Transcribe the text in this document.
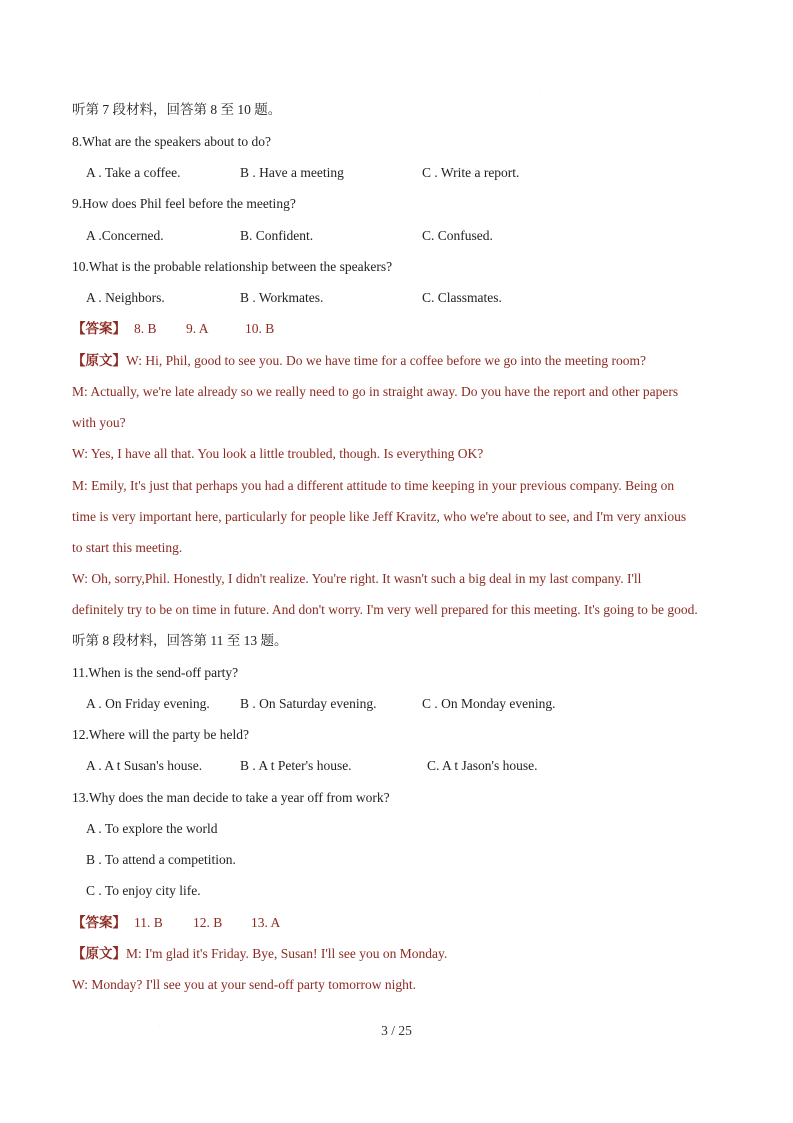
·
·
听第 7 段材料，回答第 8 至 10 题。
8.What are the speakers about to do?
A . Take a coffee.	B . Have a meeting	C . Write a report.
9.How does Phil feel before the meeting?
A .Concerned.	B. Confident.	C. Confused.
10.What is the probable relationship between the speakers?
A . Neighbors.	B . Workmates.	C. Classmates.
【答案】 8. B 9. A	10. B
【原文】W: Hi, Phil, good to see you. Do we have time for a coffee before we go into the meeting room?
M: Actually, we're late already so we really need to go in straight away. Do you have the report and other papers
with you?
W: Yes, I have all that. You look a little troubled, though. Is everything OK?
M: Emily, It's just that perhaps you had a different attitude to time keeping in your previous company. Being on
time is very important here, particularly for people like Jeff Kravitz, who we're about to see, and I'm very anxious
to start this meeting.
W: Oh, sorry,Phil. Honestly, I didn't realize. You're right. It wasn't such a big deal in my last company. I'll
definitely try to be on time in future. And don't worry. I'm very well prepared for this meeting. It's going to be good.
听第 8 段材料，回答第 11 至 13 题。
11.When is the send-off party?
A . On Friday evening. B . On Saturday evening.	C . On Monday evening.
12.Where will the party be held?
A . A t Susan's house.	B . A t Peter's house.	C. A t Jason's house.
13.Why does the man decide to take a year off from work?
A . To explore the world
B . To attend a competition.
C . To enjoy city life.
【答案】 11. B 12. B 13. A
【原文】M: I'm glad it's Friday. Bye, Susan! I'll see you on Monday.
W: Monday? I'll see you at your send-off party tomorrow night.
3 / 25
